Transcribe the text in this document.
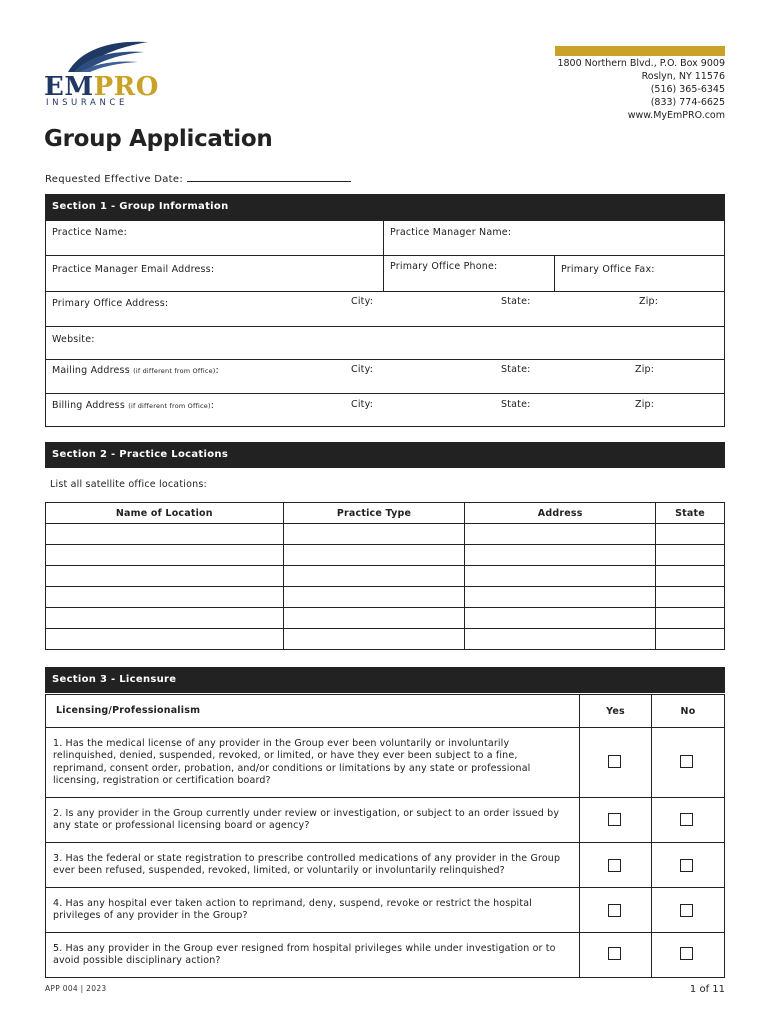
EMPRO
INSURANCE
1800 Northern Blvd., P.O. Box 9009
Roslyn, NY 11576
(516) 365-6345
(833) 774-6625
www.MyEmPRO.com
Group Application
Requested Effective Date:
Section 1 - Group Information
Practice Name:	Practice Manager Name:
Practice Manager Email Address:	Primary Office Phone:	Primary Office Fax:
Primary Office Address:	City:	State:	Zip:
Website:
Mailing Address (if different from Office):	City:	State:	Zip:
Billing Address (if different from Office):	City:	State:	Zip:
Section 2 - Practice Locations
List all satellite office locations:
Name of Location	Practice Type	Address	State

Section 3 - Licensure
Licensing/Professionalism	Yes	No
1. Has the medical license of any provider in the Group ever been voluntarily or involuntarily relinquished, denied, suspended, revoked, or limited, or have they ever been subject to a fine, reprimand, consent order, probation, and/or conditions or limitations by any state or professional licensing, registration or certification board?
2. Is any provider in the Group currently under review or investigation, or subject to an order issued by any state or professional licensing board or agency?
3. Has the federal or state registration to prescribe controlled medications of any provider in the Group ever been refused, suspended, revoked, limited, or voluntarily or involuntarily relinquished?
4. Has any hospital ever taken action to reprimand, deny, suspend, revoke or restrict the hospital privileges of any provider in the Group?
5. Has any provider in the Group ever resigned from hospital privileges while under investigation or to avoid possible disciplinary action?
APP 004 | 2023	1 of 11
